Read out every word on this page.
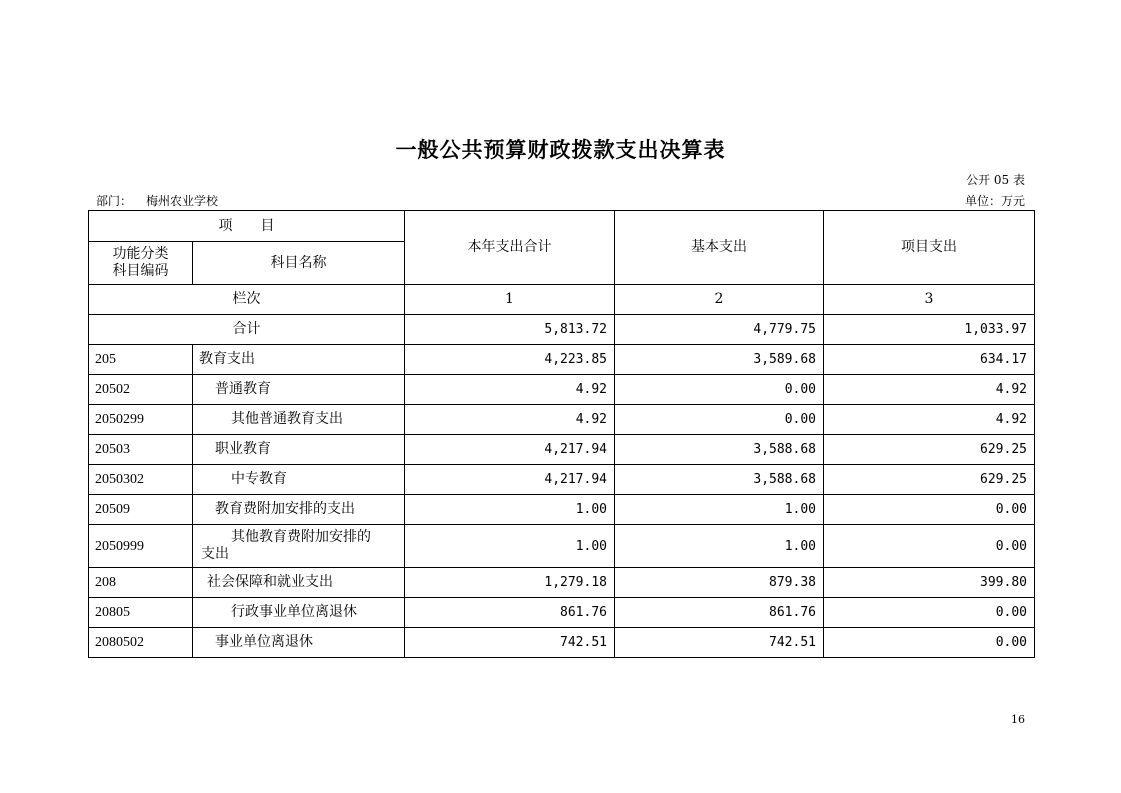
一般公共预算财政拨款支出决算表
公开 05 表
部门： 梅州农业学校	单位：万元
项　　目		本年支出合计	基本支出	项目支出
功能分类
科目编码	科目名称			
栏次		1	2	3
合计		5,813.72	4,779.75	1,033.97
205	教育支出	4,223.85	3,589.68	634.17
20502	普通教育	4.92	0.00	4.92
2050299	其他普通教育支出	4.92	0.00	4.92
20503	职业教育	4,217.94	3,588.68	629.25
2050302	中专教育	4,217.94	3,588.68	629.25
20509	教育费附加安排的支出	1.00	1.00	0.00
2050999	其他教育费附加安排的
支出	1.00	1.00	0.00
208	社会保障和就业支出	1,279.18	879.38	399.80
20805	行政事业单位离退休	861.76	861.76	0.00
2080502	事业单位离退休	742.51	742.51	0.00
16
